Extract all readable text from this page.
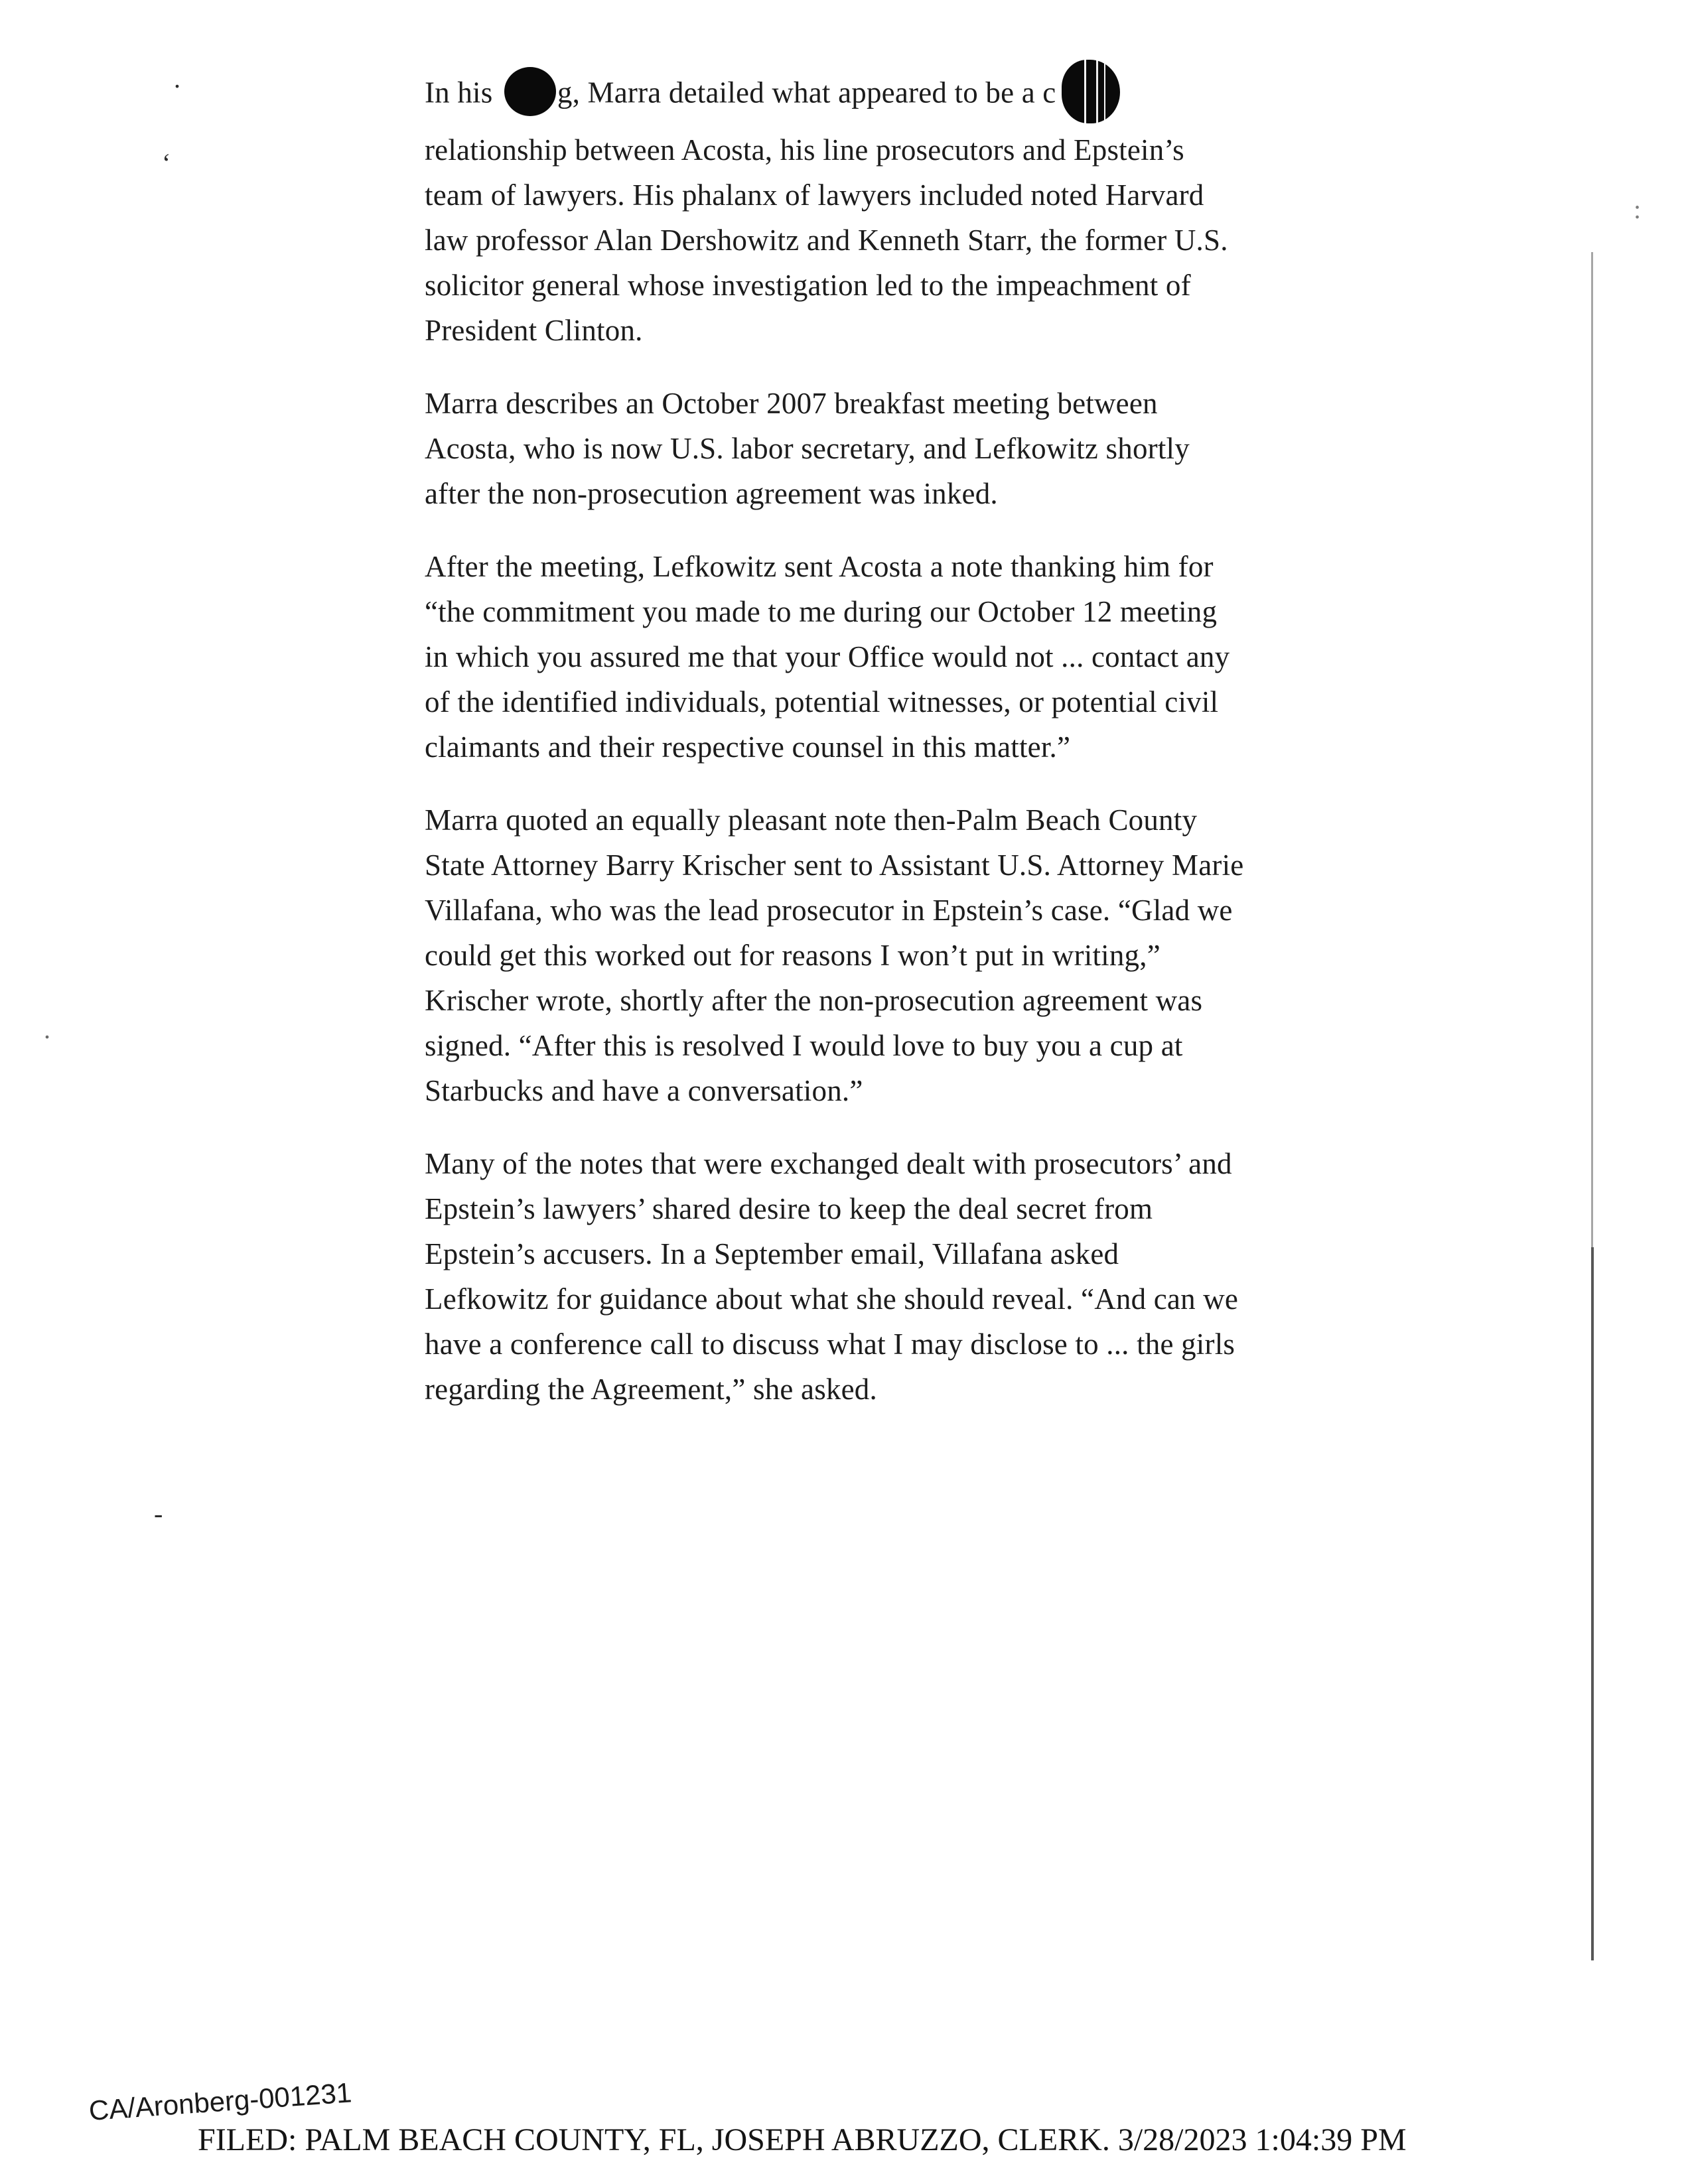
In his g, Marra detailed what appeared to be a c relationship between Acosta, his line prosecutors and Epstein’s team of lawyers. His phalanx of lawyers included noted Harvard law professor Alan Dershowitz and Kenneth Starr, the former U.S. solicitor general whose investigation led to the impeachment of President Clinton.

Marra describes an October 2007 breakfast meeting between Acosta, who is now U.S. labor secretary, and Lefkowitz shortly after the non-prosecution agreement was inked.

After the meeting, Lefkowitz sent Acosta a note thanking him for “the commitment you made to me during our October 12 meeting in which you assured me that your Office would not ... contact any of the identified individuals, potential witnesses, or potential civil claimants and their respective counsel in this matter.”

Marra quoted an equally pleasant note then-Palm Beach County State Attorney Barry Krischer sent to Assistant U.S. Attorney Marie Villafana, who was the lead prosecutor in Epstein’s case. “Glad we could get this worked out for reasons I won’t put in writing,” Krischer wrote, shortly after the non-prosecution agreement was signed. “After this is resolved I would love to buy you a cup at Starbucks and have a conversation.”

Many of the notes that were exchanged dealt with prosecutors’ and Epstein’s lawyers’ shared desire to keep the deal secret from Epstein’s accusers. In a September email, Villafana asked Lefkowitz for guidance about what she should reveal. “And can we have a conference call to discuss what I may disclose to ... the girls regarding the Agreement,” she asked.

.
‘
:
-
.
CA/Aronberg-001231
FILED: PALM BEACH COUNTY, FL, JOSEPH ABRUZZO, CLERK. 3/28/2023 1:04:39 PM
